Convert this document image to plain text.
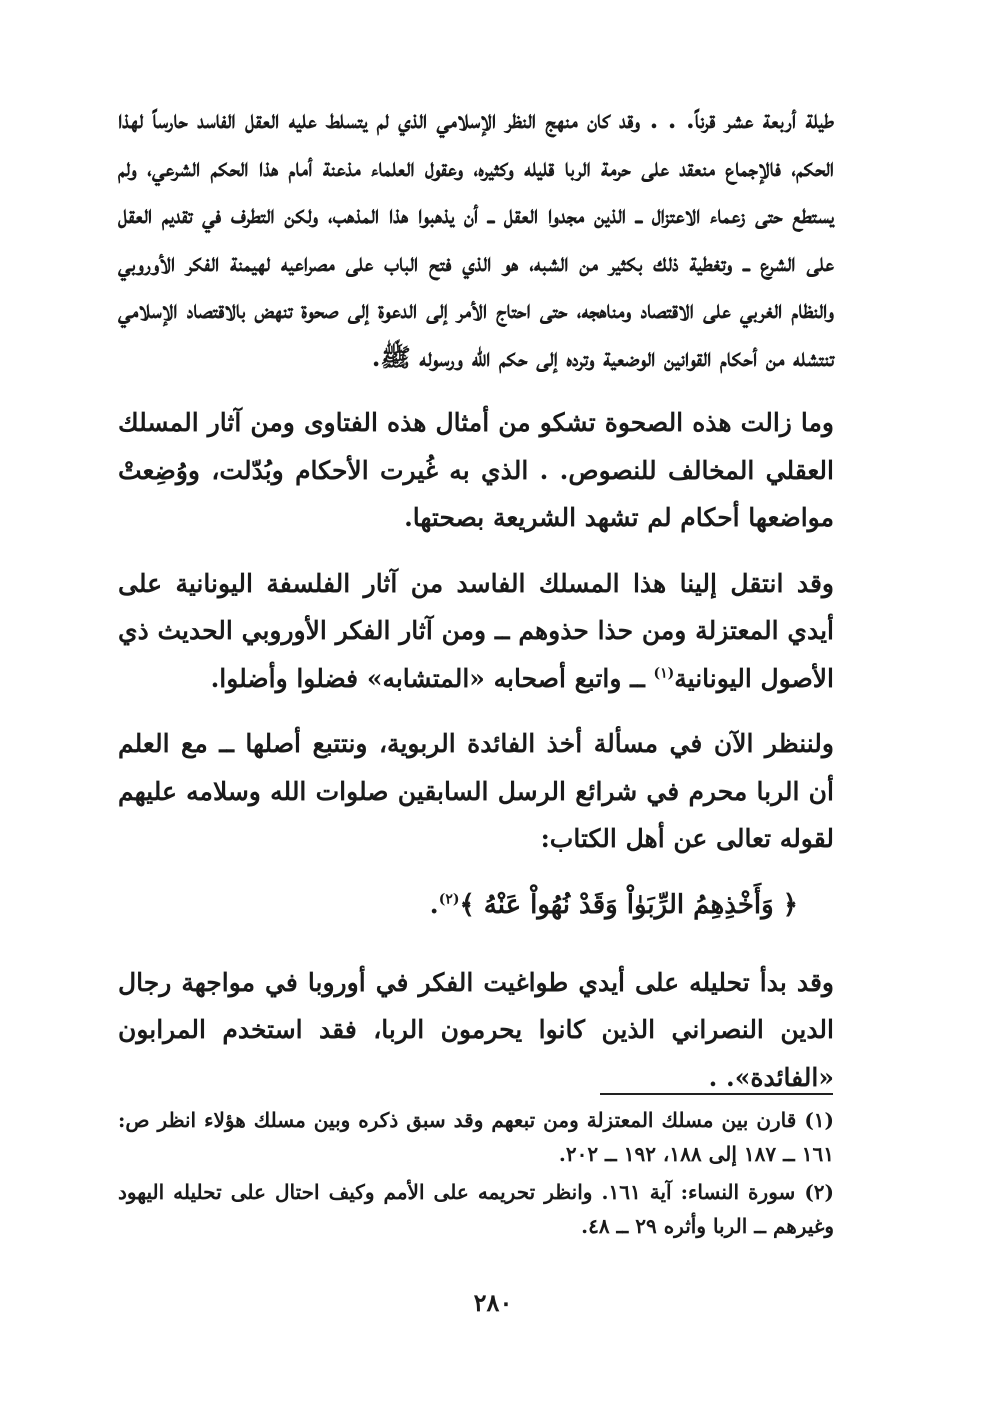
طيلة أربعة عشر قرناً. . . وقد كان منهج النظر الإسلامي الذي لم يتسلط عليه العقل الفاسد حارساً لهذا الحكم، فالإجماع منعقد على حرمة الربا قليله وكثيره، وعقول العلماء مذعنة أمام هذا الحكم الشرعي، ولم يستطع حتى زعماء الاعتزال ــ الذين مجدوا العقل ــ أن يذهبوا هذا المذهب، ولكن التطرف في تقديم العقل على الشرع ــ وتغطية ذلك بكثير من الشبه، هو الذي فتح الباب على مصراعيه لهيمنة الفكر الأوروبي والنظام الغربي على الاقتصاد ومناهجه، حتى احتاج الأمر إلى الدعوة إلى صحوة تنهض بالاقتصاد الإسلامي تنتشله من أحكام القوانين الوضعية وترده إلى حكم الله ورسوله ﷺ.

وما زالت هذه الصحوة تشكو من أمثال هذه الفتاوى ومن آثار المسلك العقلي المخالف للنصوص. . الذي به غُيرت الأحكام وبُدّلت، ووُضِعتْ مواضعها أحكام لم تشهد الشريعة بصحتها.

وقد انتقل إلينا هذا المسلك الفاسد من آثار الفلسفة اليونانية على أيدي المعتزلة ومن حذا حذوهم ــ ومن آثار الفكر الأوروبي الحديث ذي الأصول اليونانية$^{(١)}$ ــ واتبع أصحابه «المتشابه» فضلوا وأضلوا.

ولننظر الآن في مسألة أخذ الفائدة الربوية، ونتتبع أصلها ــ مع العلم أن الربا محرم في شرائع الرسل السابقين صلوات الله وسلامه عليهم لقوله تعالى عن أهل الكتاب:

﴿ وَأَخْذِهِمُ الرِّبَوٰاْ وَقَدْ نُهُواْ عَنْهُ ﴾$^{(٢)}$.

وقد بدأ تحليله على أيدي طواغيت الفكر في أوروبا في مواجهة رجال الدين النصراني الذين كانوا يحرمون الربا، فقد استخدم المرابون «الفائدة». .

(١) قارن بين مسلك المعتزلة ومن تبعهم وقد سبق ذكره وبين مسلك هؤلاء انظر ص: ١٦١ ــ ١٨٧ إلى ١٨٨، ١٩٢ ــ ٢٠٢.

(٢) سورة النساء: آية ١٦١. وانظر تحريمه على الأمم وكيف احتال على تحليله اليهود وغيرهم ــ الربا وأثره ٢٩ ــ ٤٨.

٢٨٠
